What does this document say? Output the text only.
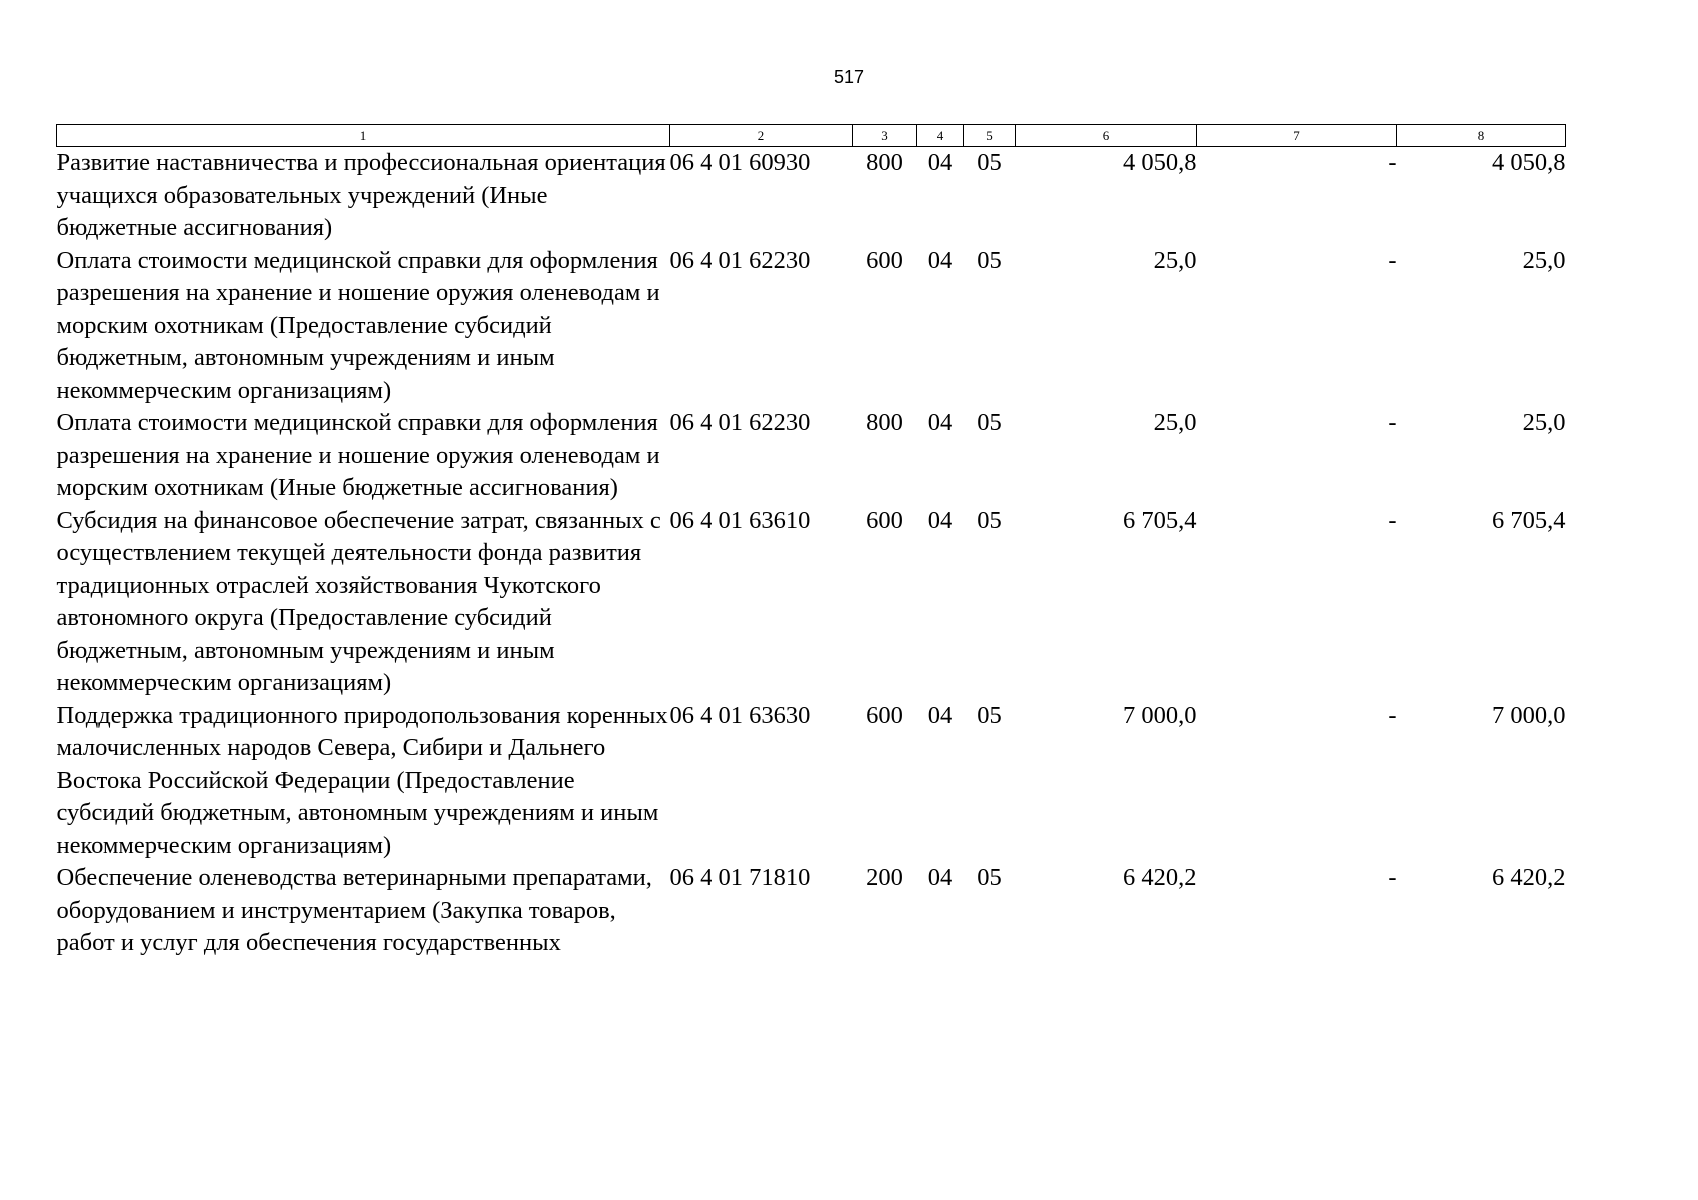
517
1	2	3	4	5	6	7	8
Развитие наставничества и профессиональная ориентация учащихся образовательных учреждений (Иные бюджетные ассигнования)	06 4 01 60930	800	04	05	4 050,8	-	4 050,8
Оплата стоимости медицинской справки для оформления разрешения на хранение и ношение оружия оленеводам и морским охотникам (Предоставление субсидий бюджетным, автономным учреждениям и иным некоммерческим организациям)	06 4 01 62230	600	04	05	25,0	-	25,0
Оплата стоимости медицинской справки для оформления разрешения на хранение и ношение оружия оленеводам и морским охотникам (Иные бюджетные ассигнования)	06 4 01 62230	800	04	05	25,0	-	25,0
Субсидия на финансовое обеспечение затрат, связанных с осуществлением текущей деятельности фонда развития традиционных отраслей хозяйствования Чукотского автономного округа (Предоставление субсидий бюджетным, автономным учреждениям и иным некоммерческим организациям)	06 4 01 63610	600	04	05	6 705,4	-	6 705,4
Поддержка традиционного природопользования коренных малочисленных народов Севера, Сибири и Дальнего Востока Российской Федерации (Предоставление субсидий бюджетным, автономным учреждениям и иным некоммерческим организациям)	06 4 01 63630	600	04	05	7 000,0	-	7 000,0
Обеспечение оленеводства ветеринарными препаратами, оборудованием и инструментарием (Закупка товаров, работ и услуг для обеспечения государственных	06 4 01 71810	200	04	05	6 420,2	-	6 420,2
